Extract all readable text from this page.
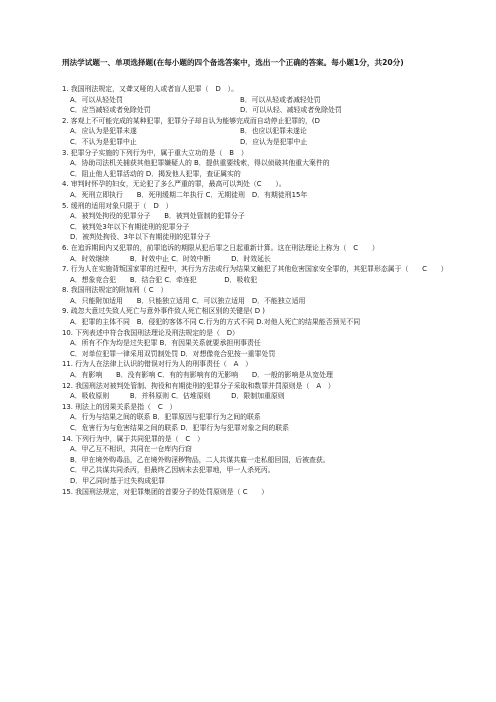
刑法学试题一、单项选择题(在每小题的四个备选答案中，选出一个正确的答案。每小题1分，共20分)

1. 我国刑法规定，又聋又哑的人或者盲人犯罪（　D　）。

A．可以从轻处罚	B．可以从轻或者减轻处罚
C．应当减轻或者免除处罚	D．可以从轻、减轻或者免除处罚

2. 客观上不可能完成的某种犯罪，犯罪分子却自认为能够完成而自动停止犯罪的，(D

A．应认为是犯罪未遂	B．也应以犯罪未遂论
C．不认为是犯罪中止	D．应认为是犯罪中止

3. 犯罪分子实施的下列行为中，属于重大立功的是（　B　）

A．协助司法机关捕获其他犯罪嫌疑人的 B．提供重要线索，得以侦破其他重大案件的
C．阻止他人犯罪活动的 D．揭发他人犯罪，查证属实的

4. 审判时怀孕的妇女，无论犯了多么严重的罪，最高可以判处（C　　）。

A．死刑立即执行　　B．死刑缓期二年执行 C．无期徒刑　D．有期徒刑15年

5. 缓刑的适用对象只限于（　D　）

A．被判处拘役的犯罪分子　　B．被判处管制的犯罪分子
C．被判处3年以下有期徒刑的犯罪分子
D．被判处拘役、3年以下有期徒刑的犯罪分子

6. 在追诉期间内又犯罪的，前罪追诉的期限从犯后罪之日起重新计算。这在刑法理论上称为（　C　　）

A．时效继续　　　B．时效中止 C．时效中断　　　D．时效延长

7. 行为人在实施背叛国家罪的过程中，其行为方法或行为结果又触犯了其他危害国家安全罪的，其犯罪形态属于（　　C　　）

A．想象竞合犯　　B．结合犯 C．牵连犯　　　　D．吸收犯

8. 我国刑法规定的附加刑（ C　）

A．只能附加适用　　B．只能独立适用 C．可以独立适用　D．不能独立适用

9. 疏忽大意过失致人死亡与意外事件致人死亡相区别的关键是( D )

A．犯罪的主体不同　B．侵犯的客体不同 C.行为的方式不同 D.对他人死亡的结果能否预见不同

10. 下列表述中符合我国刑法理论及刑法规定的是（　D）

A．所有不作为均是过失犯罪 B．有因果关系就要承担刑事责任
C．对单位犯罪一律采用双罚制处罚 D．对想像竞合犯按一重罪处罚

11. 行为人在法律上认识的错误对行为人的刑事责任（　A　）

A．有影响　　B．没有影响 C．有的有影响有的无影响　　D．一般的影响是从宽处理

12. 我国刑法对被判处管制、拘役和有期徒刑的犯罪分子采取和数罪并罚原则是（　A　）

A．吸收原则　　　B．并科原则 C．估堆原则　　　D．限制加重原则

13. 刑法上的因果关系是指（　C　）

A．行为与结果之间的联系 B．犯罪原因与犯罪行为之间的联系
C．危害行为与危害结果之间的联系 D．犯罪行为与犯罪对象之间的联系

14. 下列行为中，属于共同犯罪的是（　C　）

A．甲乙互不相识，共同在一仓库内行窃
B．甲在境外购毒品，乙在境外购淫秽物品，二人共谋共雇一走私船回国，后被查获。
C．甲乙共谋共同杀丙，但最终乙因病未去犯罪地，甲一人杀死丙。
D．甲乙同时基于过失构成犯罪

15. 我国刑法规定，对犯罪集团的首要分子的处罚原则是（ C　　）
